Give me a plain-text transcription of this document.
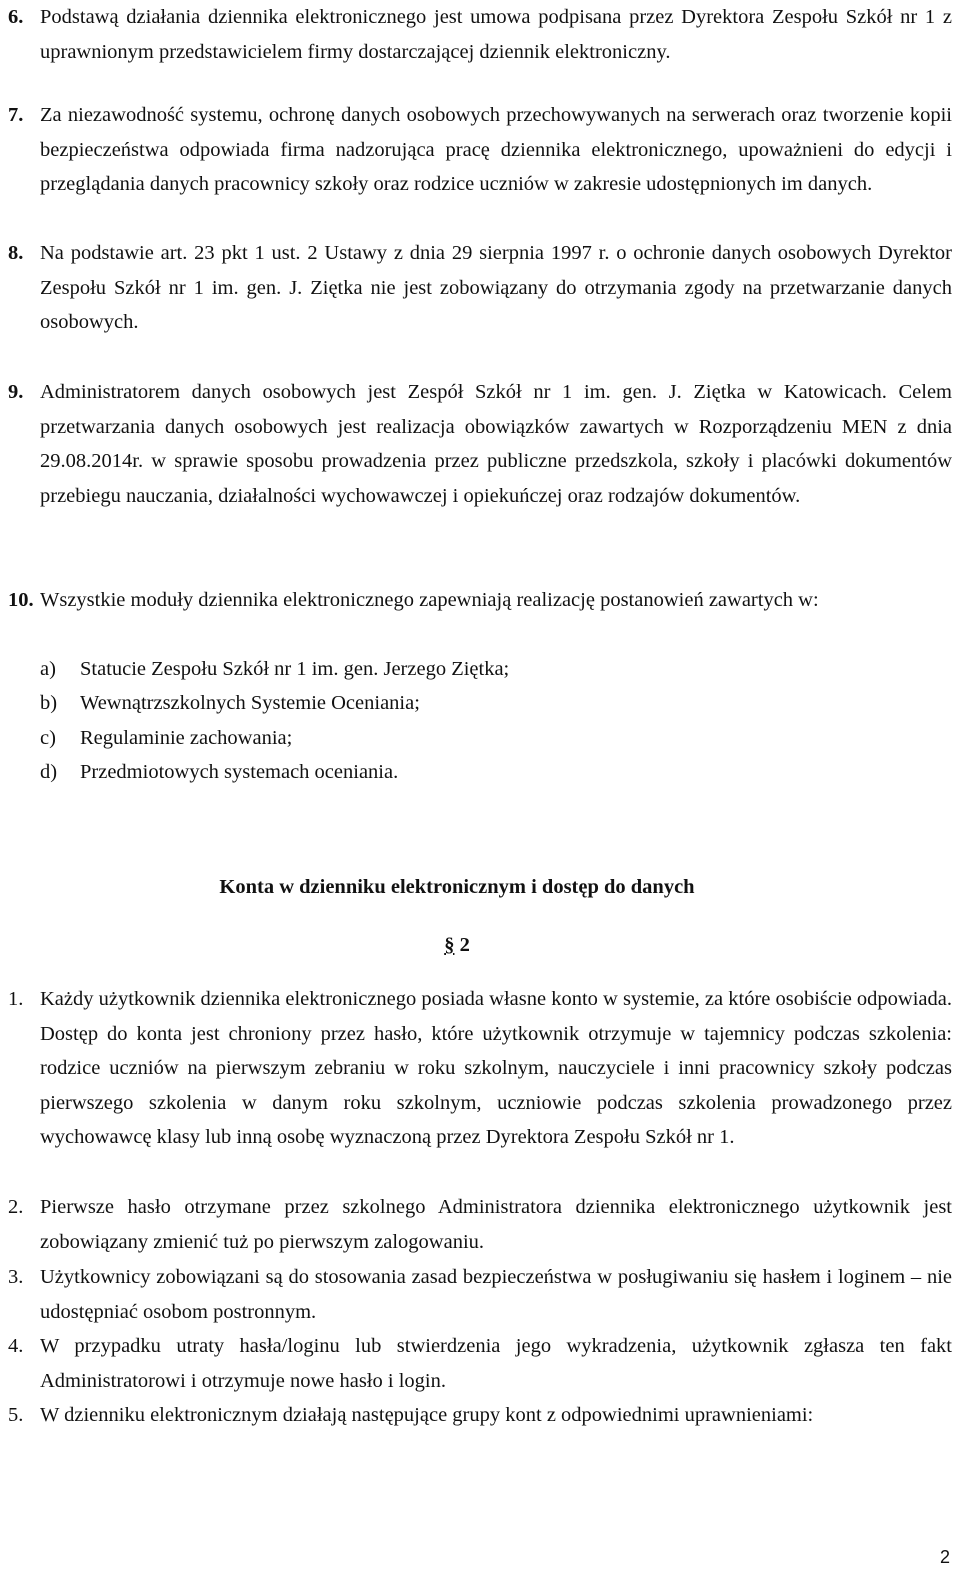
6. Podstawą działania dziennika elektronicznego jest umowa podpisana przez Dyrektora Zespołu Szkół nr 1 z uprawnionym przedstawicielem firmy dostarczającej dziennik elektroniczny.
7. Za niezawodność systemu, ochronę danych osobowych przechowywanych na serwerach oraz tworzenie kopii bezpieczeństwa odpowiada firma nadzorująca pracę dziennika elektronicznego, upoważnieni do edycji i przeglądania danych pracownicy szkoły oraz rodzice uczniów w zakresie udostępnionych im danych.
8. Na podstawie art. 23 pkt 1 ust. 2 Ustawy z dnia 29 sierpnia 1997 r. o ochronie danych osobowych Dyrektor Zespołu Szkół nr 1 im. gen. J. Ziętka nie jest zobowiązany do otrzymania zgody na przetwarzanie danych osobowych.
9. Administratorem danych osobowych jest Zespół Szkół nr 1 im. gen. J. Ziętka w Katowicach. Celem przetwarzania danych osobowych jest realizacja obowiązków zawartych w Rozporządzeniu MEN z dnia 29.08.2014r. w sprawie sposobu prowadzenia przez publiczne przedszkola, szkoły i placówki dokumentów przebiegu nauczania, działalności wychowawczej i opiekuńczej oraz rodzajów dokumentów.
10. Wszystkie moduły dziennika elektronicznego zapewniają realizację postanowień zawartych w:
a) Statucie Zespołu Szkół nr 1 im. gen. Jerzego Ziętka;
b) Wewnątrzszkolnych Systemie Oceniania;
c) Regulaminie zachowania;
d) Przedmiotowych systemach oceniania.
Konta w dzienniku elektronicznym i dostęp do danych
§ 2
1. Każdy użytkownik dziennika elektronicznego posiada własne konto w systemie, za które osobiście odpowiada. Dostęp do konta jest chroniony przez hasło, które użytkownik otrzymuje w tajemnicy podczas szkolenia: rodzice uczniów na pierwszym zebraniu w roku szkolnym, nauczyciele i inni pracownicy szkoły podczas pierwszego szkolenia w danym roku szkolnym, uczniowie podczas szkolenia prowadzonego przez wychowawcę klasy lub inną osobę wyznaczoną przez Dyrektora Zespołu Szkół nr 1.
2. Pierwsze hasło otrzymane przez szkolnego Administratora dziennika elektronicznego użytkownik jest zobowiązany zmienić tuż po pierwszym zalogowaniu.
3. Użytkownicy zobowiązani są do stosowania zasad bezpieczeństwa w posługiwaniu się hasłem i loginem – nie udostępniać osobom postronnym.
4. W przypadku utraty hasła/loginu lub stwierdzenia jego wykradzenia, użytkownik zgłasza ten fakt Administratorowi i otrzymuje nowe hasło i login.
5. W dzienniku elektronicznym działają następujące grupy kont z odpowiednimi uprawnieniami:
2
